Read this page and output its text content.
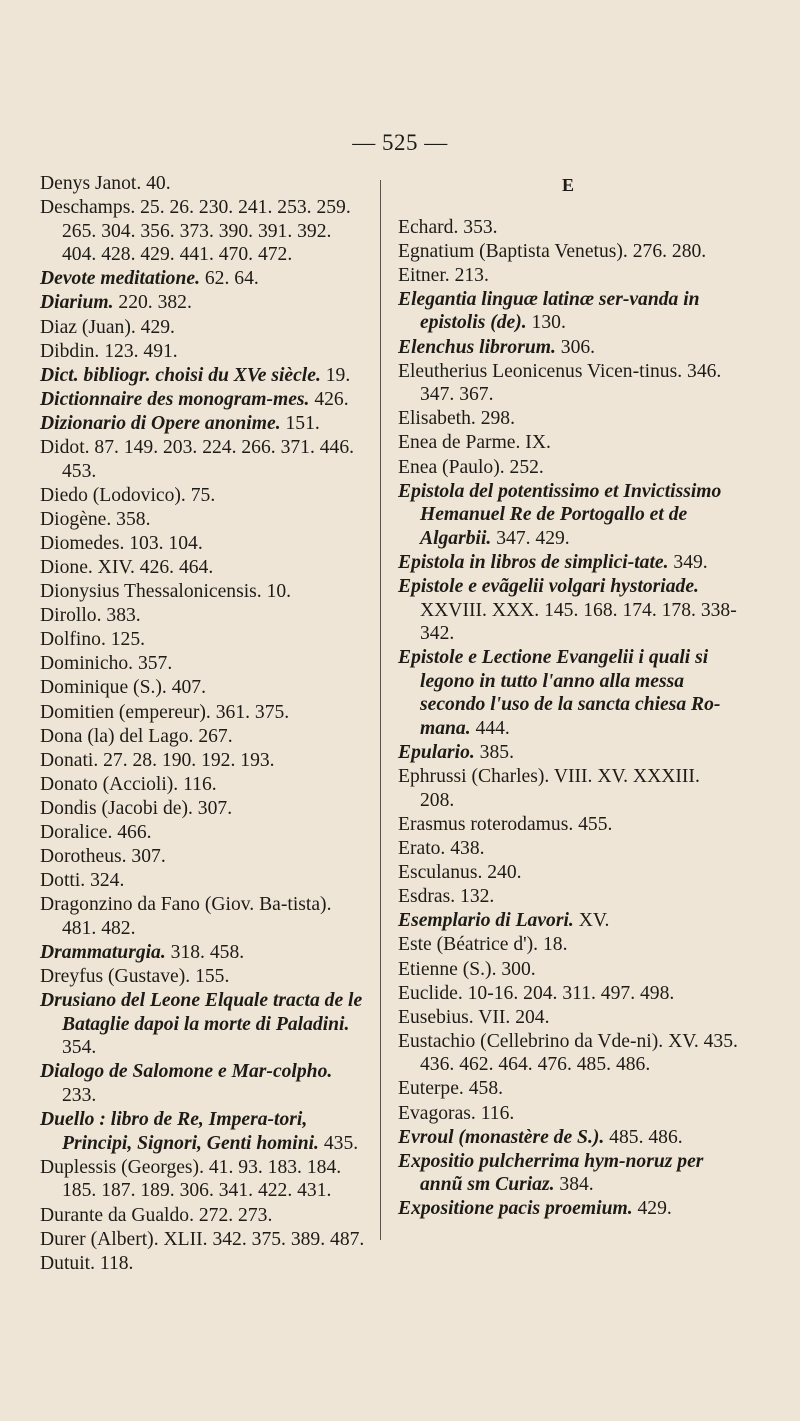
— 525 —
Denys Janot. 40.
Deschamps. 25. 26. 230. 241. 253. 259. 265. 304. 356. 373. 390. 391. 392. 404. 428. 429. 441. 470. 472.
Devote meditatione. 62. 64.
Diarium. 220. 382.
Diaz (Juan). 429.
Dibdin. 123. 491.
Dict. bibliogr. choisi du XVe siècle. 19.
Dictionnaire des monogram-mes. 426.
Dizionario di Opere anonime. 151.
Didot. 87. 149. 203. 224. 266. 371. 446. 453.
Diedo (Lodovico). 75.
Diogène. 358.
Diomedes. 103. 104.
Dione. XIV. 426. 464.
Dionysius Thessalonicensis. 10.
Dirollo. 383.
Dolfino. 125.
Dominicho. 357.
Dominique (S.). 407.
Domitien (empereur). 361. 375.
Dona (la) del Lago. 267.
Donati. 27. 28. 190. 192. 193.
Donato (Accioli). 116.
Dondis (Jacobi de). 307.
Doralice. 466.
Dorotheus. 307.
Dotti. 324.
Dragonzino da Fano (Giov. Ba-tista). 481. 482.
Drammaturgia. 318. 458.
Dreyfus (Gustave). 155.
Drusiano del Leone Elquale tracta de le Bataglie dapoi la morte di Paladini. 354.
Dialogo de Salomone e Mar-colpho. 233.
Duello : libro de Re, Impera-tori, Principi, Signori, Genti homini. 435.
Duplessis (Georges). 41. 93. 183. 184. 185. 187. 189. 306. 341. 422. 431.
Durante da Gualdo. 272. 273.
Durer (Albert). XLII. 342. 375. 389. 487.
Dutuit. 118.
E
Echard. 353.
Egnatium (Baptista Venetus). 276. 280.
Eitner. 213.
Elegantia linguæ latinæ ser-vanda in epistolis (de). 130.
Elenchus librorum. 306.
Eleutherius Leonicenus Vicen-tinus. 346. 347. 367.
Elisabeth. 298.
Enea de Parme. IX.
Enea (Paulo). 252.
Epistola del potentissimo et Invictissimo Hemanuel Re de Portogallo et de Algarbii. 347. 429.
Epistola in libros de simplici-tate. 349.
Epistole e evãgelii volgari hystoriade. XXVIII. XXX. 145. 168. 174. 178. 338-342.
Epistole e Lectione Evangelii i quali si legono in tutto l'anno alla messa secondo l'uso de la sancta chiesa Ro-mana. 444.
Epulario. 385.
Ephrussi (Charles). VIII. XV. XXXIII. 208.
Erasmus roterodamus. 455.
Erato. 438.
Esculanus. 240.
Esdras. 132.
Esemplario di Lavori. XV.
Este (Béatrice d'). 18.
Etienne (S.). 300.
Euclide. 10-16. 204. 311. 497. 498.
Eusebius. VII. 204.
Eustachio (Cellebrino da Vde-ni). XV. 435. 436. 462. 464. 476. 485. 486.
Euterpe. 458.
Evagoras. 116.
Evroul (monastère de S.). 485. 486.
Expositio pulcherrima hym-noruz per annũ sm Curiaz. 384.
Expositione pacis proemium. 429.
